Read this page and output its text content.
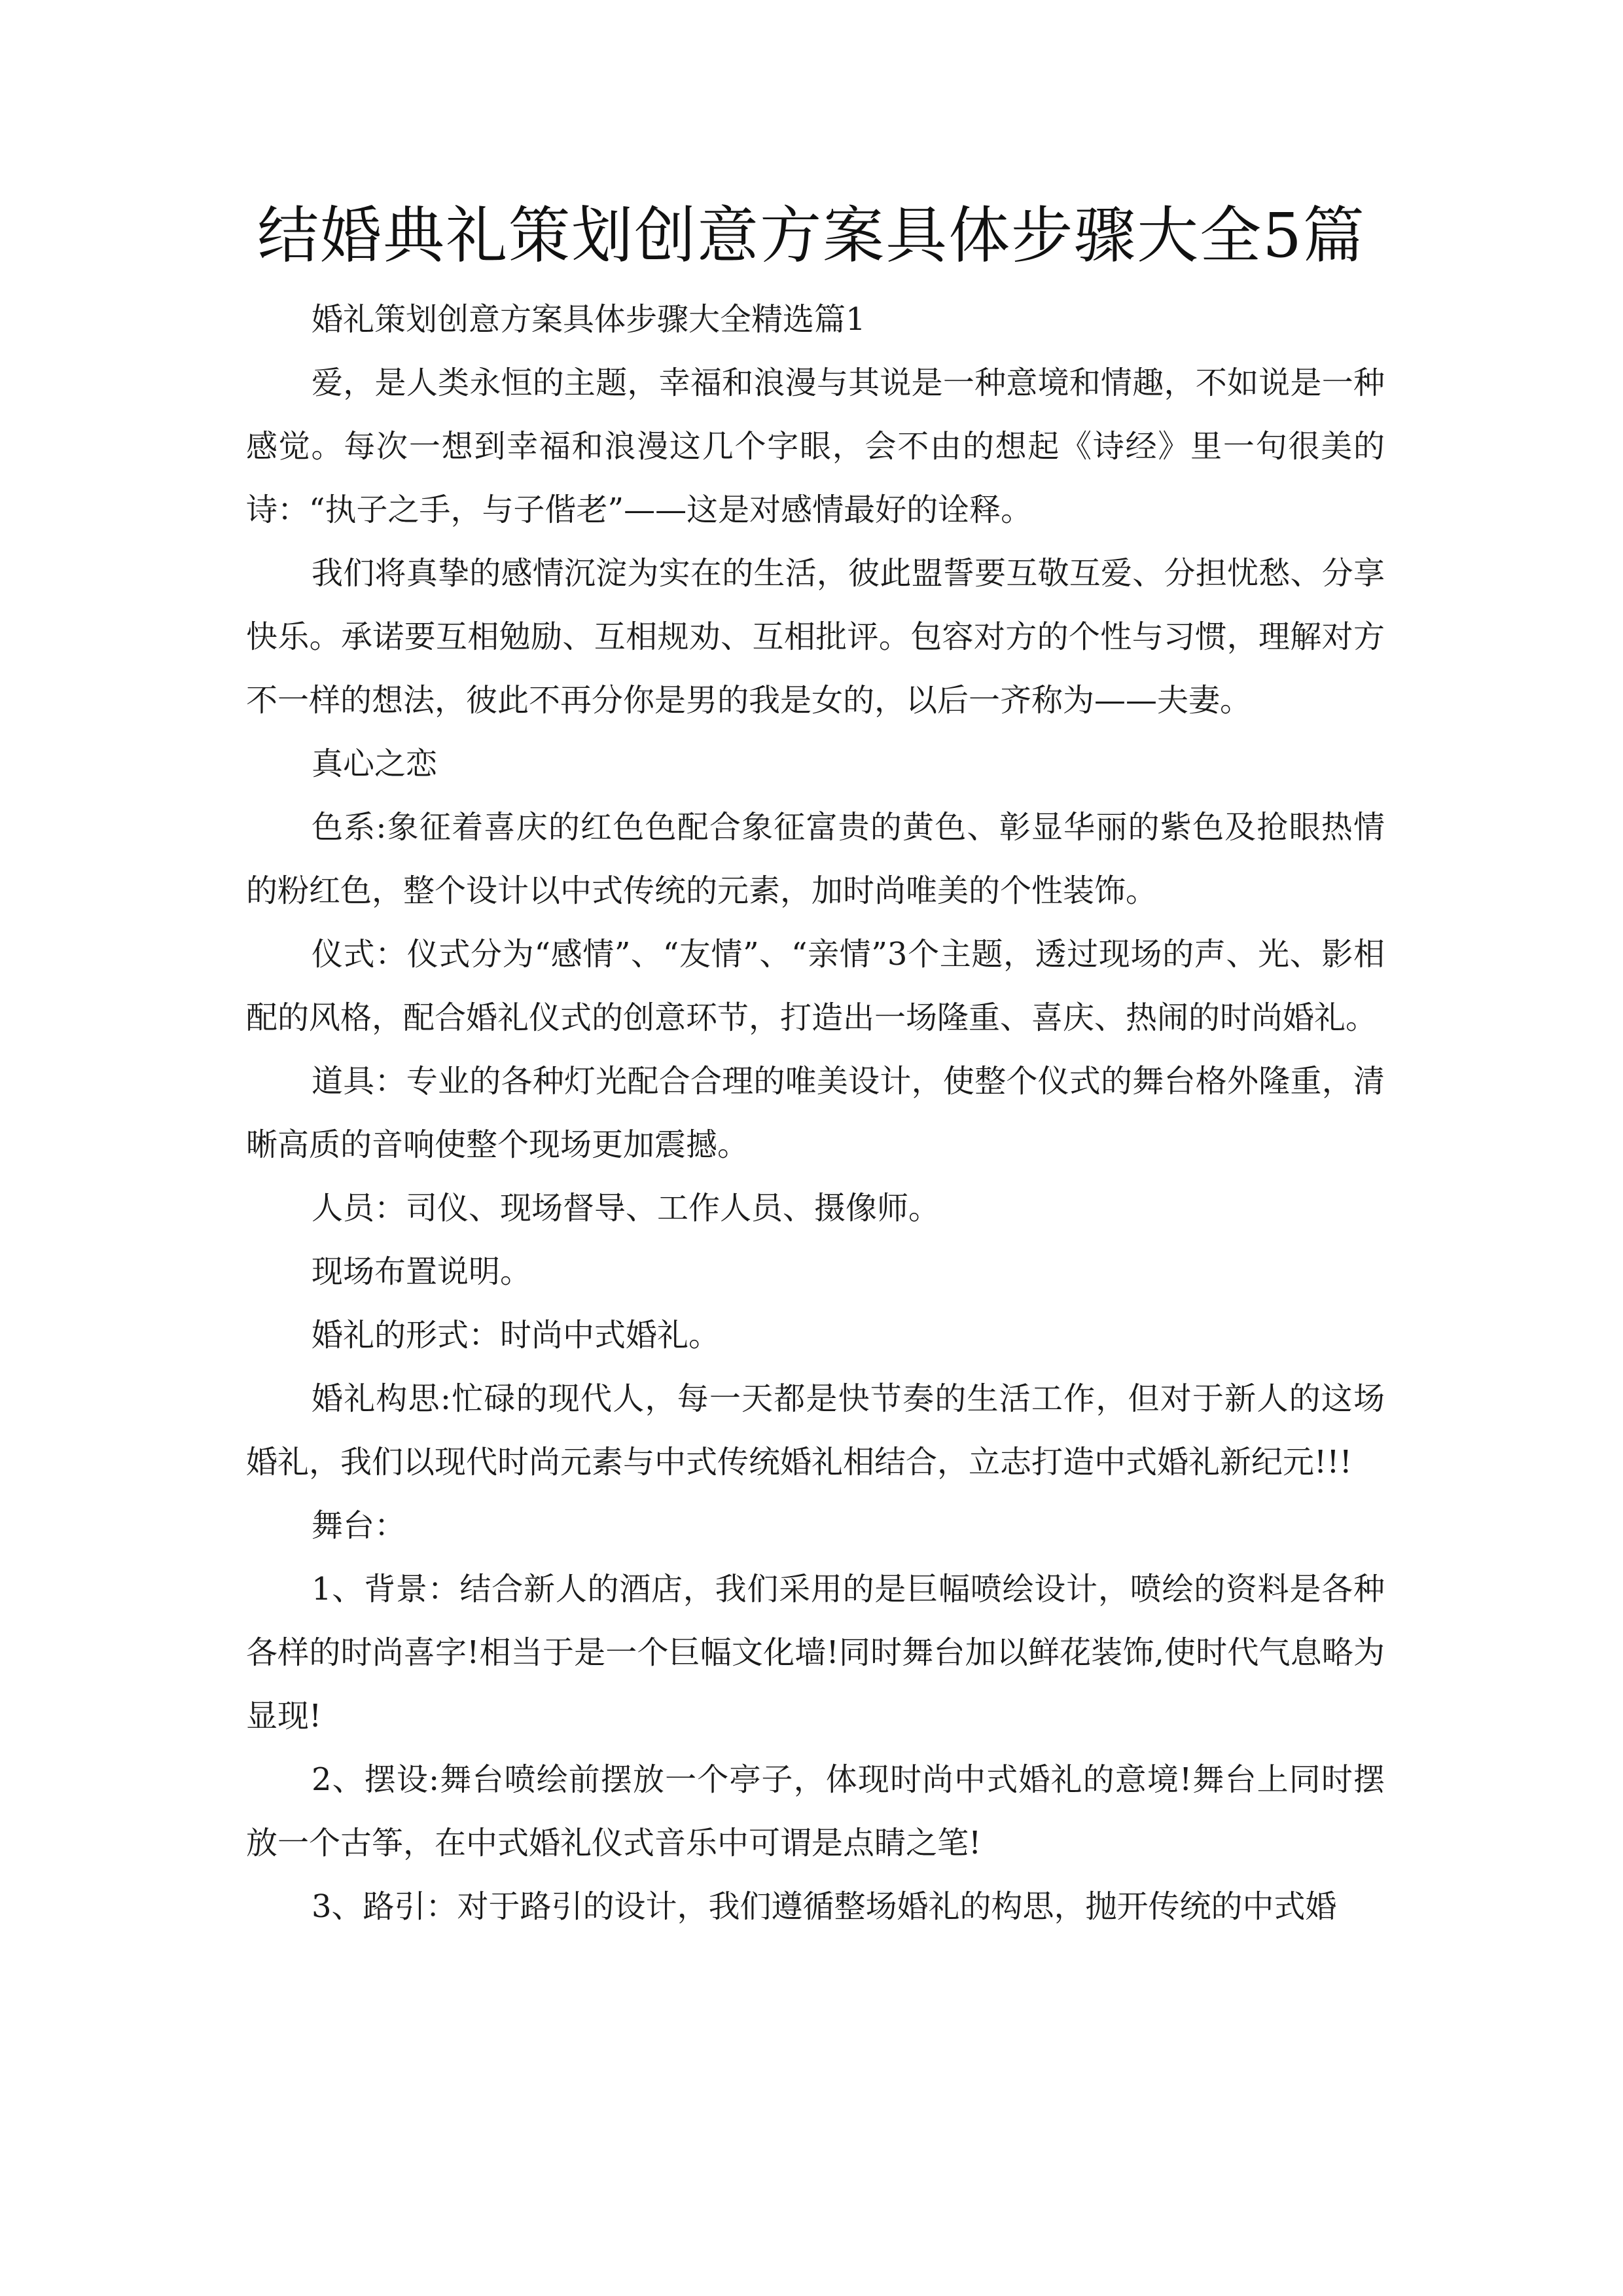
结婚典礼策划创意方案具体步骤大全5篇

婚礼策划创意方案具体步骤大全精选篇1

爱，是人类永恒的主题，幸福和浪漫与其说是一种意境和情趣，不如说是一种感觉。每次一想到幸福和浪漫这几个字眼，会不由的想起《诗经》里一句很美的诗：“执子之手，与子偕老”——这是对感情最好的诠释。

我们将真挚的感情沉淀为实在的生活，彼此盟誓要互敬互爱、分担忧愁、分享快乐。承诺要互相勉励、互相规劝、互相批评。包容对方的个性与习惯，理解对方不一样的想法，彼此不再分你是男的我是女的，以后一齐称为——夫妻。

真心之恋

色系:象征着喜庆的红色色配合象征富贵的黄色、彰显华丽的紫色及抢眼热情的粉红色，整个设计以中式传统的元素，加时尚唯美的个性装饰。

仪式：仪式分为“感情”、“友情”、“亲情”3个主题，透过现场的声、光、影相配的风格，配合婚礼仪式的创意环节，打造出一场隆重、喜庆、热闹的时尚婚礼。

道具：专业的各种灯光配合合理的唯美设计，使整个仪式的舞台格外隆重，清晰高质的音响使整个现场更加震撼。

人员：司仪、现场督导、工作人员、摄像师。

现场布置说明。

婚礼的形式：时尚中式婚礼。

婚礼构思:忙碌的现代人，每一天都是快节奏的生活工作，但对于新人的这场婚礼，我们以现代时尚元素与中式传统婚礼相结合，立志打造中式婚礼新纪元!!!

舞台：

1、背景：结合新人的酒店，我们采用的是巨幅喷绘设计，喷绘的资料是各种各样的时尚喜字!相当于是一个巨幅文化墙!同时舞台加以鲜花装饰,使时代气息略为显现!

2、摆设:舞台喷绘前摆放一个亭子，体现时尚中式婚礼的意境!舞台上同时摆放一个古筝，在中式婚礼仪式音乐中可谓是点睛之笔!

3、路引：对于路引的设计，我们遵循整场婚礼的构思，抛开传统的中式婚
